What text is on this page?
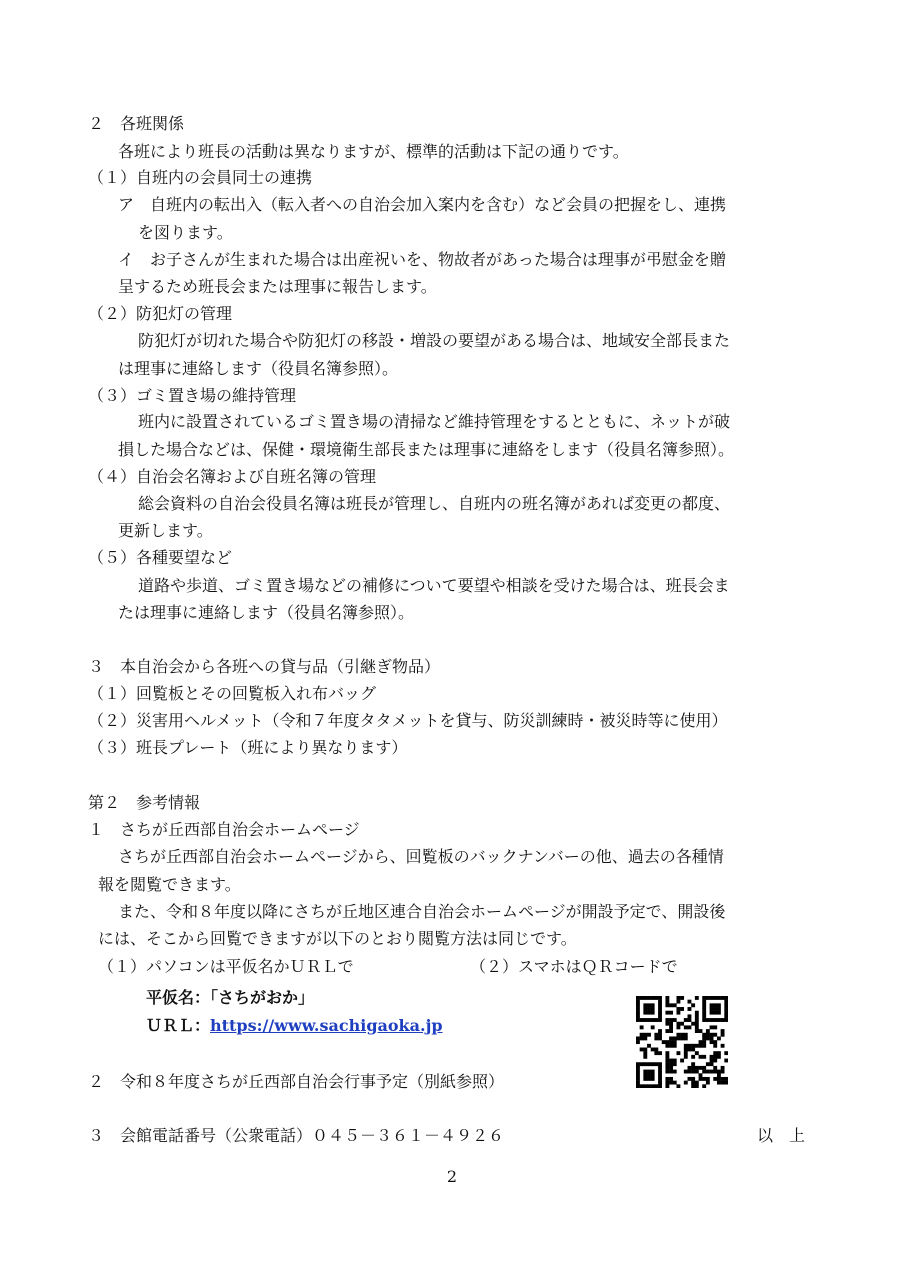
２　各班関係
各班により班長の活動は異なりますが、標準的活動は下記の通りです。
（１）自班内の会員同士の連携
ア　自班内の転出入（転入者への自治会加入案内を含む）など会員の把握をし、連携
を図ります。
イ　お子さんが生まれた場合は出産祝いを、物故者があった場合は理事が弔慰金を贈
呈するため班長会または理事に報告します。
（２）防犯灯の管理
防犯灯が切れた場合や防犯灯の移設・増設の要望がある場合は、地域安全部長また
は理事に連絡します（役員名簿参照）。
（３）ゴミ置き場の維持管理
班内に設置されているゴミ置き場の清掃など維持管理をするとともに、ネットが破
損した場合などは、保健・環境衛生部長または理事に連絡をします（役員名簿参照）。
（４）自治会名簿および自班名簿の管理
総会資料の自治会役員名簿は班長が管理し、自班内の班名簿があれば変更の都度、
更新します。
（５）各種要望など
道路や歩道、ゴミ置き場などの補修について要望や相談を受けた場合は、班長会ま
たは理事に連絡します（役員名簿参照）。
３　本自治会から各班への貸与品（引継ぎ物品）
（１）回覧板とその回覧板入れ布バッグ
（２）災害用ヘルメット（令和７年度タタメットを貸与、防災訓練時・被災時等に使用）
（３）班長プレート（班により異なります）
第２　参考情報
１　さちが丘西部自治会ホームページ
さちが丘西部自治会ホームページから、回覧板のバックナンバーの他、過去の各種情
報を閲覧できます。
また、令和８年度以降にさちが丘地区連合自治会ホームページが開設予定で、開設後
には、そこから回覧できますが以下のとおり閲覧方法は同じです。
（１）パソコンは平仮名かＵＲＬで	（２）スマホはＱＲコードで
平仮名：「さちがおか」
ＵＲＬ：https://www.sachigaoka.jp
２　令和８年度さちが丘西部自治会行事予定（別紙参照）
３　会館電話番号（公衆電話）０４５－３６１－４９２６	以　上
2
